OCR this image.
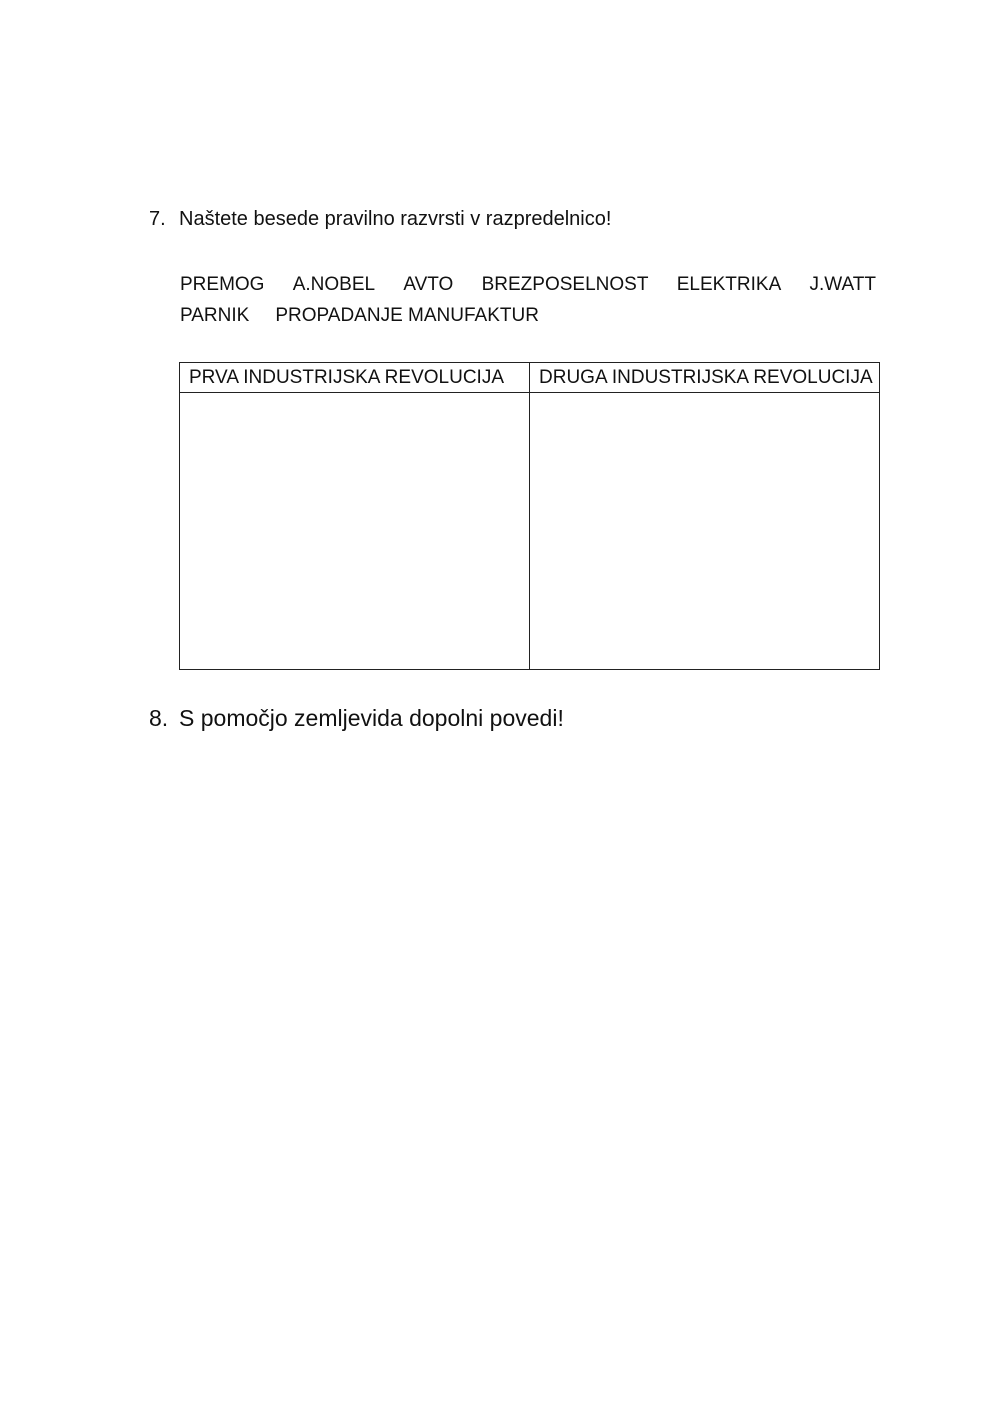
7. Naštete besede pravilno razvrsti v razpredelnico!
PREMOG A.NOBEL AVTO BREZPOSELNOST ELEKTRIKA J.WATT
PARNIK PROPADANJE MANUFAKTUR
PRVA INDUSTRIJSKA REVOLUCIJA	DRUGA INDUSTRIJSKA REVOLUCIJA

8. S pomočjo zemljevida dopolni povedi!
